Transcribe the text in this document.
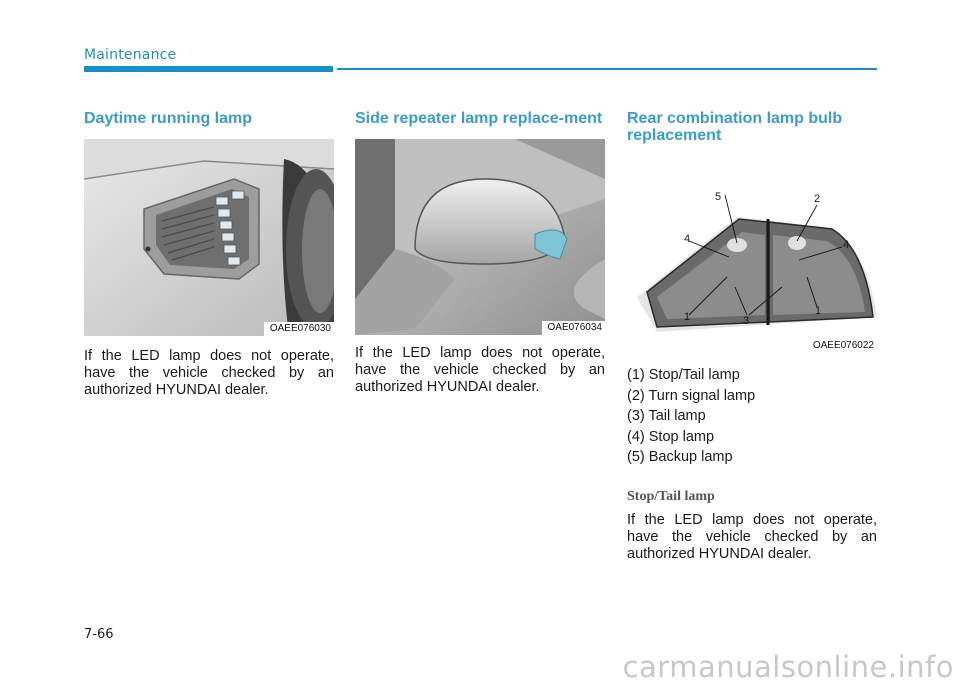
Maintenance
Daytime running lamp
OAEE076030

If the LED lamp does not operate, have the vehicle checked by an authorized HYUNDAI dealer.

Side repeater lamp replace-ment
OAE076034

If the LED lamp does not operate, have the vehicle checked by an authorized HYUNDAI dealer.

Rear combination lamp bulb replacement
5	2
4	4
1	3
1
OAEE076022
(1) Stop/Tail lamp
(2) Turn signal lamp
(3) Tail lamp
(4) Stop lamp
(5) Backup lamp
Stop/Tail lamp

If the LED lamp does not operate, have the vehicle checked by an authorized HYUNDAI dealer.

7-66
carmanualsonline.info
